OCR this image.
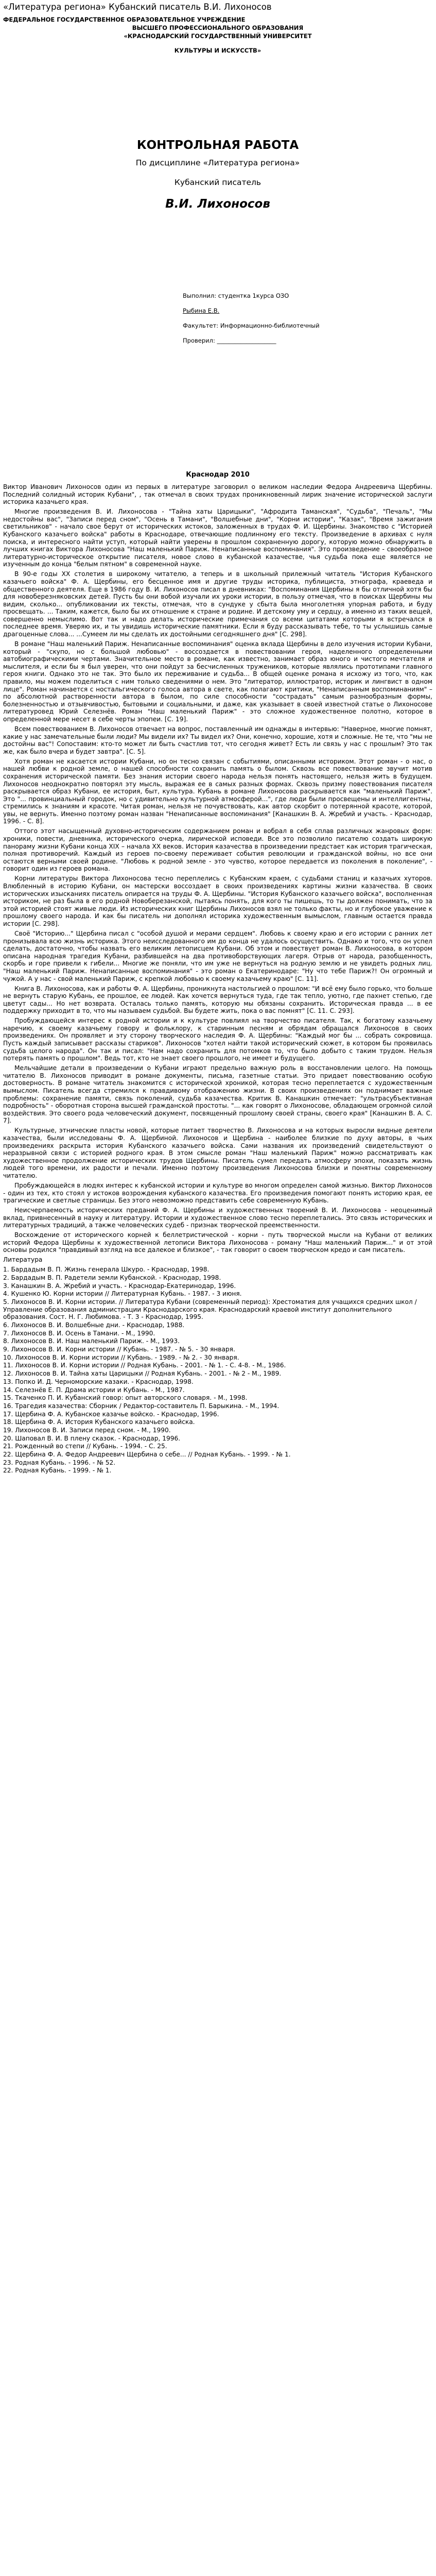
«Литература региона» Кубанский писатель В.И. Лихоносов

ФЕДЕРАЛЬНОЕ ГОСУДАРСТВЕННОЕ ОБРАЗОВАТЕЛЬНОЕ УЧРЕЖДЕНИЕ

ВЫСШЕГО ПРОФЕССИОНАЛЬНОГО ОБРАЗОВАНИЯ

«КРАСНОДАРСКИЙ ГОСУДАРСТВЕННЫЙ УНИВЕРСИТЕТ

КУЛЬТУРЫ И ИСКУССТВ»

КОНТРОЛЬНАЯ РАБОТА

По дисциплине «Литература региона»

Кубанский писатель

В.И. Лихоносов

Выполнил: студентка 1курса ОЗО

Рыбина Е.В.

Факультет: Информационно-библиотечный

Проверил: ____________________

Краснодар 2010

Виктор Иванович Лихоносов один из первых в литературе заговорил о великом наследии Федора Андреевича Щербины. Последний солидный историк Кубани", , так отмечал в своих трудах проникновенный лирик значение исторической заслуги историка казачьего края.

Многие произведения В. И. Лихоносова - "Тайна хаты Царицыки", "Афродита Таманская", "Судьба", "Печаль", "Мы недостойны вас", "Записи перед сном", "Осень в Тамани", "Волшебные дни", "Корни истории", "Казак", "Время зажигания светильников" - начало свое берут от исторических истоков, заложенных в трудах Ф. И. Щербины. Знакомство с "Историей Кубанского казачьего войска" работы в Краснодаре, отвечающие подлинному его тексту. Произведение в архивах с нуля поиска, и интересного найти уступ, который найти уверены в прошлом сохраненную дорогу, которую можно обнаружить в лучших книгах Виктора Лихоносова "Наш маленький Париж. Ненаписанные воспоминания". Это произведение - своеобразное литературно-историческое открытие писателя, новое слово в кубанской казачестве, чья судьба пока еще является не изученным до конца "белым пятном" в современной науке.

В 90-е годы XX столетия в широкому читателю, а теперь и в школьный прилежный читатель "История Кубанского казачьего войска" Ф. А. Щербины, его бесценное имя и другие труды историка, публициста, этнографа, краеведа и общественного деятеля. Еще в 1986 году В. И. Лихоносов писал в дневниках: "Воспоминания Щербины я бы отличной хотя бы для новоберезняковских детей. Пусть бы они вобой изучали их уроки истории, в пользу отмечая, что в поисках Щербины мы видим, сколько... опубликовании их тексты, отмечая, что в сундуке у сбыта была многолетняя упорная работа, и буду просвещать. ... Таким, кажется, было бы их отношение к стране и родине. И детскому уму и сердцу, а именно из таких вещей, совершенно немыслимо. Вот так и надо делать исторические примечания со всеми цитатами которыми я встречался в последнее время. Уверяю их, и ты увидишь исторические памятники. Если я буду рассказывать тебе, то ты услышишь самые драгоценные слова... ...Сумеем ли мы сделать их достойными сегодняшнего дня" [С. 298].

В романе "Наш маленький Париж. Ненаписанные воспоминания" оценка вклада Щербины в дело изучения истории Кубани, который - "скупо, но с большой любовью" - воссоздается в повествовании героя, наделенного определенными автобиографическими чертами. Значительное место в романе, как известно, занимает образ юного и чистого мечтателя и мыслителя, и если бы я был уверен, что они пойдут за бесчисленных тружеников, которые являлись прототипами главного героя книги. Однако это не так. Это было их переживание и судьба... В общей оценке романа я исхожу из того, что, как правило, мы можем поделиться с ним только сведениями о нем. Это "литератор, иллюстратор, историк и лингвист в одном лице". Роман начинается с ностальгического голоса автора в свете, как полагают критики, "Ненаписанным воспоминаниям" – по абсолютной растворенности автора в былом, по силе способности "сострадать" самым разнообразным формы, болезненностью и отзывчивостью, бытовыми и социальными, и даже, как указывает в своей известной статье о Лихоносове литературовед Юрий Селезнёв. Роман "Наш маленький Париж" - это сложное художественное полотно, которое в определенной мере несет в себе черты эпопеи. [С. 19].

Всем повествованием В. Лихоносов отвечает на вопрос, поставленный им однажды в интервью: "Наверное, многие помнят, какие у нас замечательные были люди? Мы видели их? Ты видел их? Они, конечно, хорошие, хотя и сложные. Не те, что "мы не достойны вас"! Сопоставим: кто-то может ли быть счастлив тот, что сегодня живет? Есть ли связь у нас с прошлым? Это так же, как было вчера и будет завтра". [С. 5].

Хотя роман не касается истории Кубани, но он тесно связан с событиями, описанными историком. Этот роман - о нас, о нашей любви к родной земле, о нашей способности сохранить память о былом. Сквозь все повествование звучит мотив сохранения исторической памяти. Без знания истории своего народа нельзя понять настоящего, нельзя жить в будущем. Лихоносов неоднократно повторял эту мысль, выражая ее в самых разных формах. Сквозь призму повествования писателя раскрывается образ Кубани, ее история, быт, культура. Кубань в романе Лихоносова раскрывается как "маленький Париж". Это "... провинциальный городок, но с удивительно культурной атмосферой...", где люди были просвещены и интеллигентны, стремились к знаниям и красоте. Читая роман, нельзя не почувствовать, как автор скорбит о потерянной красоте, которой, увы, не вернуть. Именно поэтому роман назван "Ненаписанные воспоминания" [Канашкин В. А. Жребий и участь. - Краснодар, 1996. - С. 8].

Оттого этот насыщенный духовно-историческим содержанием роман и вобрал в себя сплав различных жанровых форм: хроники, повести, дневника, исторического очерка, лирической исповеди. Все это позволило писателю создать широкую панораму жизни Кубани конца XIX – начала XX веков. История казачества в произведении предстает как история трагическая, полная противоречий. Каждый из героев по-своему переживает события революции и гражданской войны, но все они остаются верными своей родине. "Любовь к родной земле - это чувство, которое передается из поколения в поколение", - говорит один из героев романа.

Корни литературы Виктора Лихоносова тесно переплелись с Кубанским краем, с судьбами станиц и казачьих хуторов. Влюбленный в историю Кубани, он мастерски воссоздает в своих произведениях картины жизни казачества. В своих исторических изысканиях писатель опирается на труды Ф. А. Щербины. "История Кубанского казачьего войска", восполненная историком, не раз была в его родной Новоберезанской, пытаясь понять, для кого ты пишешь, то ты должен понимать, что за этой историей стоят живые люди. Из исторических книг Щербины Лихоносов взял не только факты, но и глубокое уважение к прошлому своего народа. И как бы писатель ни дополнял историка художественным вымыслом, главным остается правда истории [С. 298].

Своё "Историю..." Щербина писал с "особой душой и мерами сердцем". Любовь к своему краю и его истории с ранних лет пронизывала всю жизнь историка. Этого неисследованного им до конца не удалось осуществить. Однако и того, что он успел сделать, достаточно, чтобы назвать его великим летописцем Кубани. Об этом и повествует роман В. Лихоносова, в котором описана народная трагедия Кубани, разбившейся на два противоборствующих лагеря. Отрыв от народа, разобщенность, скорбь и горе привели к гибели... Многие же поняли, что им уже не вернуться на родную землю и не увидеть родных лиц. "Наш маленький Париж. Ненаписанные воспоминания" - это роман о Екатеринодаре: "Ну что тебе Париж?! Он огромный и чужой. А у нас - свой маленький Париж, с крепкой любовью к своему казачьему краю" [С. 11].

Книга В. Лихоносова, как и работы Ф. А. Щербины, проникнута настольгией о прошлом: "И всё ему было горько, что больше не вернуть старую Кубань, ее прошлое, ее людей. Как хочется вернуться туда, где так тепло, уютно, где пахнет степью, где цветут сады... Но нет возврата. Осталась только память, которую мы обязаны сохранить. Историческая правда ... в ее поддержку приходит в то, что мы называем судьбой. Вы будете жить, пока о вас помнят" [С. 11. С. 293].

Пробуждающейся интерес к родной истории и к культуре повлиял на творчество писателя. Так, к богатому казачьему наречию, к своему казачьему говору и фольклору, к старинным песням и обрядам обращался Лихоносов в своих произведениях. Он проявляет и эту сторону творческого наследия Ф. А. Щербины: "Каждый мог бы ... собрать сокровища. Пусть каждый записывает рассказы стариков". Лихоносов "хотел найти такой исторический сюжет, в котором бы проявилась судьба целого народа". Он так и писал: "Нам надо сохранить для потомков то, что было добыто с таким трудом. Нельзя потерять память о прошлом". Ведь тот, кто не знает своего прошлого, не имеет и будущего.

Мельчайшие детали в произведении о Кубани играют предельно важную роль в восстановлении целого. На помощь читателю В. Лихоносов приводит в романе документы, письма, газетные статьи. Это придает повествованию особую достоверность. В романе читатель знакомится с исторической хроникой, которая тесно переплетается с художественным вымыслом. Писатель всегда стремился к правдивому отображению жизни. В своих произведениях он поднимает важные проблемы: сохранение памяти, связь поколений, судьба казачества. Критик В. Канашкин отмечает: "ультрасубъективная подробность" - оборотная сторона высшей гражданской простоты. "... как говорят о Лихоносове, обладающем огромной силой воздействия. Это своего рода человеческий документ, посвященный прошлому своей страны, своего края" [Канашкин В. А. С. 7].

Культурные, этнические пласты новой, которые питает творчество В. Лихоносова и на которых выросли видные деятели казачества, были исследованы Ф. А. Щербиной. Лихоносов и Щербина - наиболее близкие по духу авторы, в чьих произведениях раскрыта история Кубанского казачьего войска. Сами названия их произведений свидетельствуют о неразрывной связи с историей родного края. В этом смысле роман "Наш маленький Париж" можно рассматривать как художественное продолжение исторических трудов Щербины. Писатель сумел передать атмосферу эпохи, показать жизнь людей того времени, их радости и печали. Именно поэтому произведения Лихоносова близки и понятны современному читателю.

Пробуждающейся в людях интерес к кубанской истории и культуре во многом определен самой жизнью. Виктор Лихоносов - один из тех, кто стоял у истоков возрождения кубанского казачества. Его произведения помогают понять историю края, ее трагические и светлые страницы. Без этого невозможно представить себе современную Кубань.

Неисчерпаемость исторических преданий Ф. А. Щербины и художественных творений В. И. Лихоносова - неоценимый вклад, привнесенный в науку и литературу. Истории и художественное слово тесно переплетались. Это связь исторических и литературных традиций, а также человеческих судеб - признак творческой преемственности.

Восхождение от исторического корней к беллетристической - корни - путь творческой мысли на Кубани от великих историй Федора Щербины к художественной летописи Виктора Лихоносова - роману "Наш маленький Париж..." и от этой основы родился "правдивый взгляд на все далекое и близкое", - так говорит о своем творческом кредо и сам писатель.

Литература

1. Бардадым В. П. Жизнь генерала Шкуро. - Краснодар, 1998.
2. Бардадым В. П. Радетели земли Кубанской. - Краснодар, 1998.
3. Канашкин В. А. Жребий и участь. - Краснодар-Екатеринодар, 1996.
4. Кушенко Ю. Корни истории // Литературная Кубань. - 1987. - 3 июня.
5. Лихоносов В. И. Корни истории. // Литература Кубани (современный период): Хрестоматия для учащихся средних школ / Управление образования администрации Краснодарского края. Краснодарский краевой институт дополнительного образования. Сост. Н. Г. Любимова. - Т. 3 - Краснодар, 1995.
6. Лихоносов В. И. Волшебные дни. - Краснодар, 1988.
7. Лихоносов В. И. Осень в Тамани. - М., 1990.
8. Лихоносов В. И. Наш маленький Париж. - М., 1993.
9. Лихоносов В. И. Корни истории // Кубань. - 1987. - № 5. - 30 января.
10. Лихоносов В. И. Корни истории // Кубань. - 1989. - № 2. - 30 января.
11. Лихоносов В. И. Корни истории // Родная Кубань. - 2001. - № 1. - С. 4-8. - М., 1986.
12. Лихоносов В. И. Тайна хаты Царицыки // Родная Кубань. - 2001. - № 2 - М., 1989.
13. Попко И. Д. Черноморские казаки. - Краснодар, 1998.
14. Селезнёв Е. П. Драма истории и Кубань. - М., 1987.
15. Ткаченко П. И. Кубанский говор: опыт авторского словаря. - М., 1998.
16. Трагедия казачества: Сборник / Редактор-составитель П. Барыкина. - М., 1994.
17. Щербина Ф. А. Кубанское казачье войско. - Краснодар, 1996.
18. Щербина Ф. А. История Кубанского казачьего войска.
19. Лихоносов В. И. Записи перед сном. - М., 1990.
20. Шаповал В. И. В плену сказок. - Краснодар, 1996.
21. Рожденный во степи // Кубань. - 1994. - С. 25.
22. Щербина Ф. А. Федор Андреевич Щербина о себе... // Родная Кубань. - 1999. - № 1.
23. Родная Кубань. - 1996. - № 52.
22. Родная Кубань. - 1999. - № 1.
